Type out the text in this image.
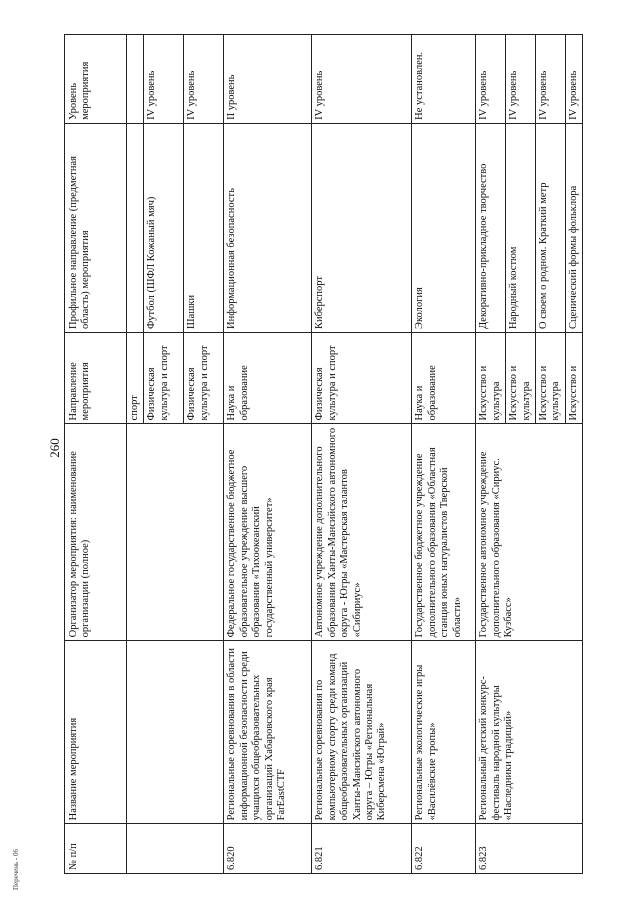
260
Перечень - 06	№ п/п	Название мероприятия	Организатор мероприятия: наименование организации (полное)	Направление мероприятия	Профильное направление (предметная область) мероприятия	Уровень мероприятия
			спорт		
			Физическая культура и спорт	Футбол (ШФЛ Кожаный мяч)	IV уровень
			Физическая культура и спорт	Шашки	IV уровень
6.820	Региональные соревнования в области информационной безопасности среди учащихся общеобразовательных организаций Хабаровского края FarEastCTF	Федеральное государственное бюджетное образовательное учреждение высшего образования «Тихоокеанский государственный университет»	Наука и образование	Информационная безопасность	II уровень
6.821	Региональные соревнования по компьютерному спорту среди команд общеобразовательных организаций Ханты-Мансийского автономного округа – Югры «Региональная Киберсмена «Юграй»	Автономное учреждение дополнительного образования Ханты-Мансийского автономного округа - Югры «Мастерская талантов «Сибириус»	Физическая культура и спорт	Киберспорт	IV уровень
6.822	Региональные экологические игры «Василёвские тропы»	Государственное бюджетное учреждение дополнительного образования «Областная станция юных натуралистов Тверской области»	Наука и образование	Экология	Не установлен.
6.823	Региональный детский конкурс-фестиваль народной культуры «Наследники традиций»	Государственное автономное учреждение дополнительного образования «Сириус. Кузбасс»	Искусство и культура	Декоративно-прикладное творчество	IV уровень
			Искусство и культура	Народный костюм	IV уровень
			Искусство и культура	О своем о родном. Краткий метр	IV уровень
			Искусство и	Сценический формы фольклора	IV уровень
